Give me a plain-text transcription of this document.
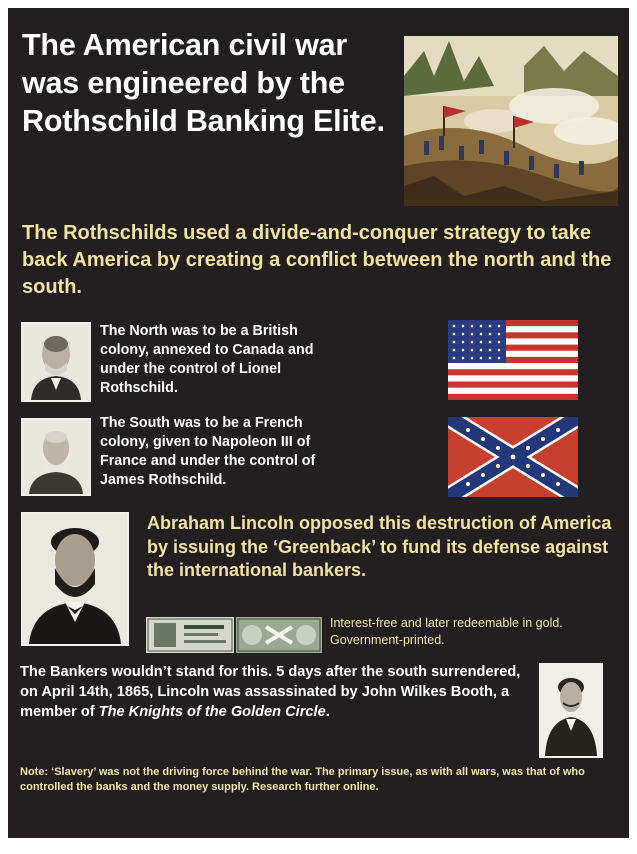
The American civil war was engineered by the Rothschild Banking Elite.
The Rothschilds used a divide-and-conquer strategy to take back America by creating a conflict between the north and the south.
The North was to be a British colony, annexed to Canada and under the control of Lionel Rothschild.
The South was to be a French colony, given to Napoleon III of France and under the control of James Rothschild.
Abraham Lincoln opposed this destruction of America by issuing the ‘Greenback’ to fund its defense against the international bankers.
Interest-free and later redeemable in gold. Government-printed.
The Bankers wouldn’t stand for this. 5 days after the south surrendered, on April 14th, 1865, Lincoln was assassinated by John Wilkes Booth, a member of The Knights of the Golden Circle.
Note: ‘Slavery’ was not the driving force behind the war. The primary issue, as with all wars, was that of who controlled the banks and the money supply. Research further online.
